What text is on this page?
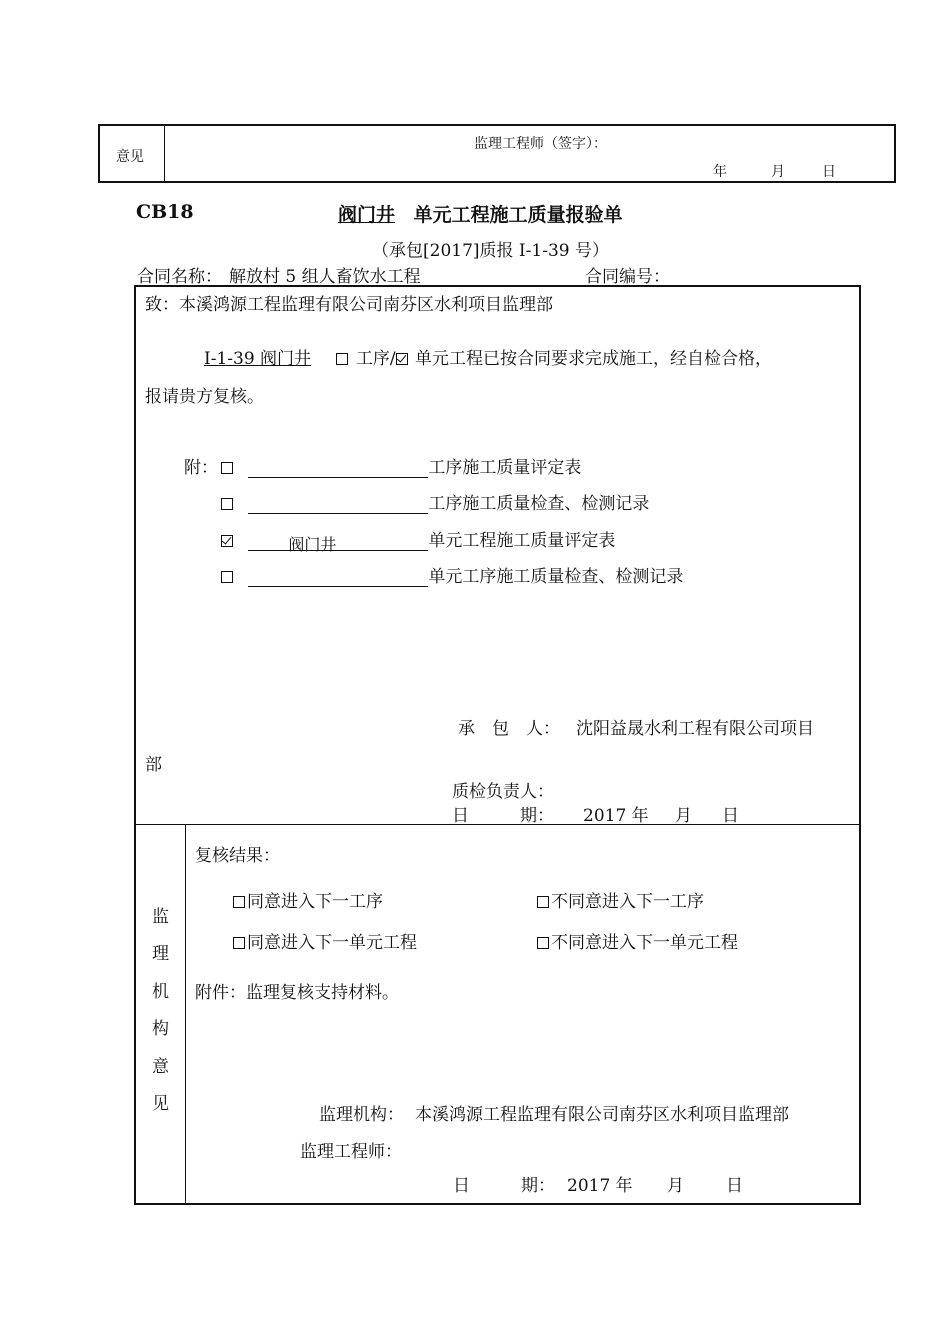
意见
监理工程师（签字）：
年	月	日
CB18	阀门井 单元工程施工质量报验单
（承包[2017]质报 I-1-39 号）
合同名称： 解放村 5 组人畜饮水工程	合同编号：
致：本溪鸿源工程监理有限公司南芬区水利项目监理部
I-1-39 阀门井	工序/ 单元工程已按合同要求完成施工，经自检合格，
报请贵方复核。
附：	工序施工质量评定表
工序施工质量检查、检测记录
阀门井	单元工程施工质量评定表
单元工序施工质量检查、检测记录
承　包　人： 沈阳益晟水利工程有限公司项目
部
质检负责人：
日　　　期： 2017 年 月 日
监
理
机
构
意
见
复核结果：
同意进入下一工序	不同意进入下一工序
同意进入下一单元工程	不同意进入下一单元工程
附件：监理复核支持材料。
监理机构： 本溪鸿源工程监理有限公司南芬区水利项目监理部
监理工程师：
日　　　期： 2017 年 月 日
